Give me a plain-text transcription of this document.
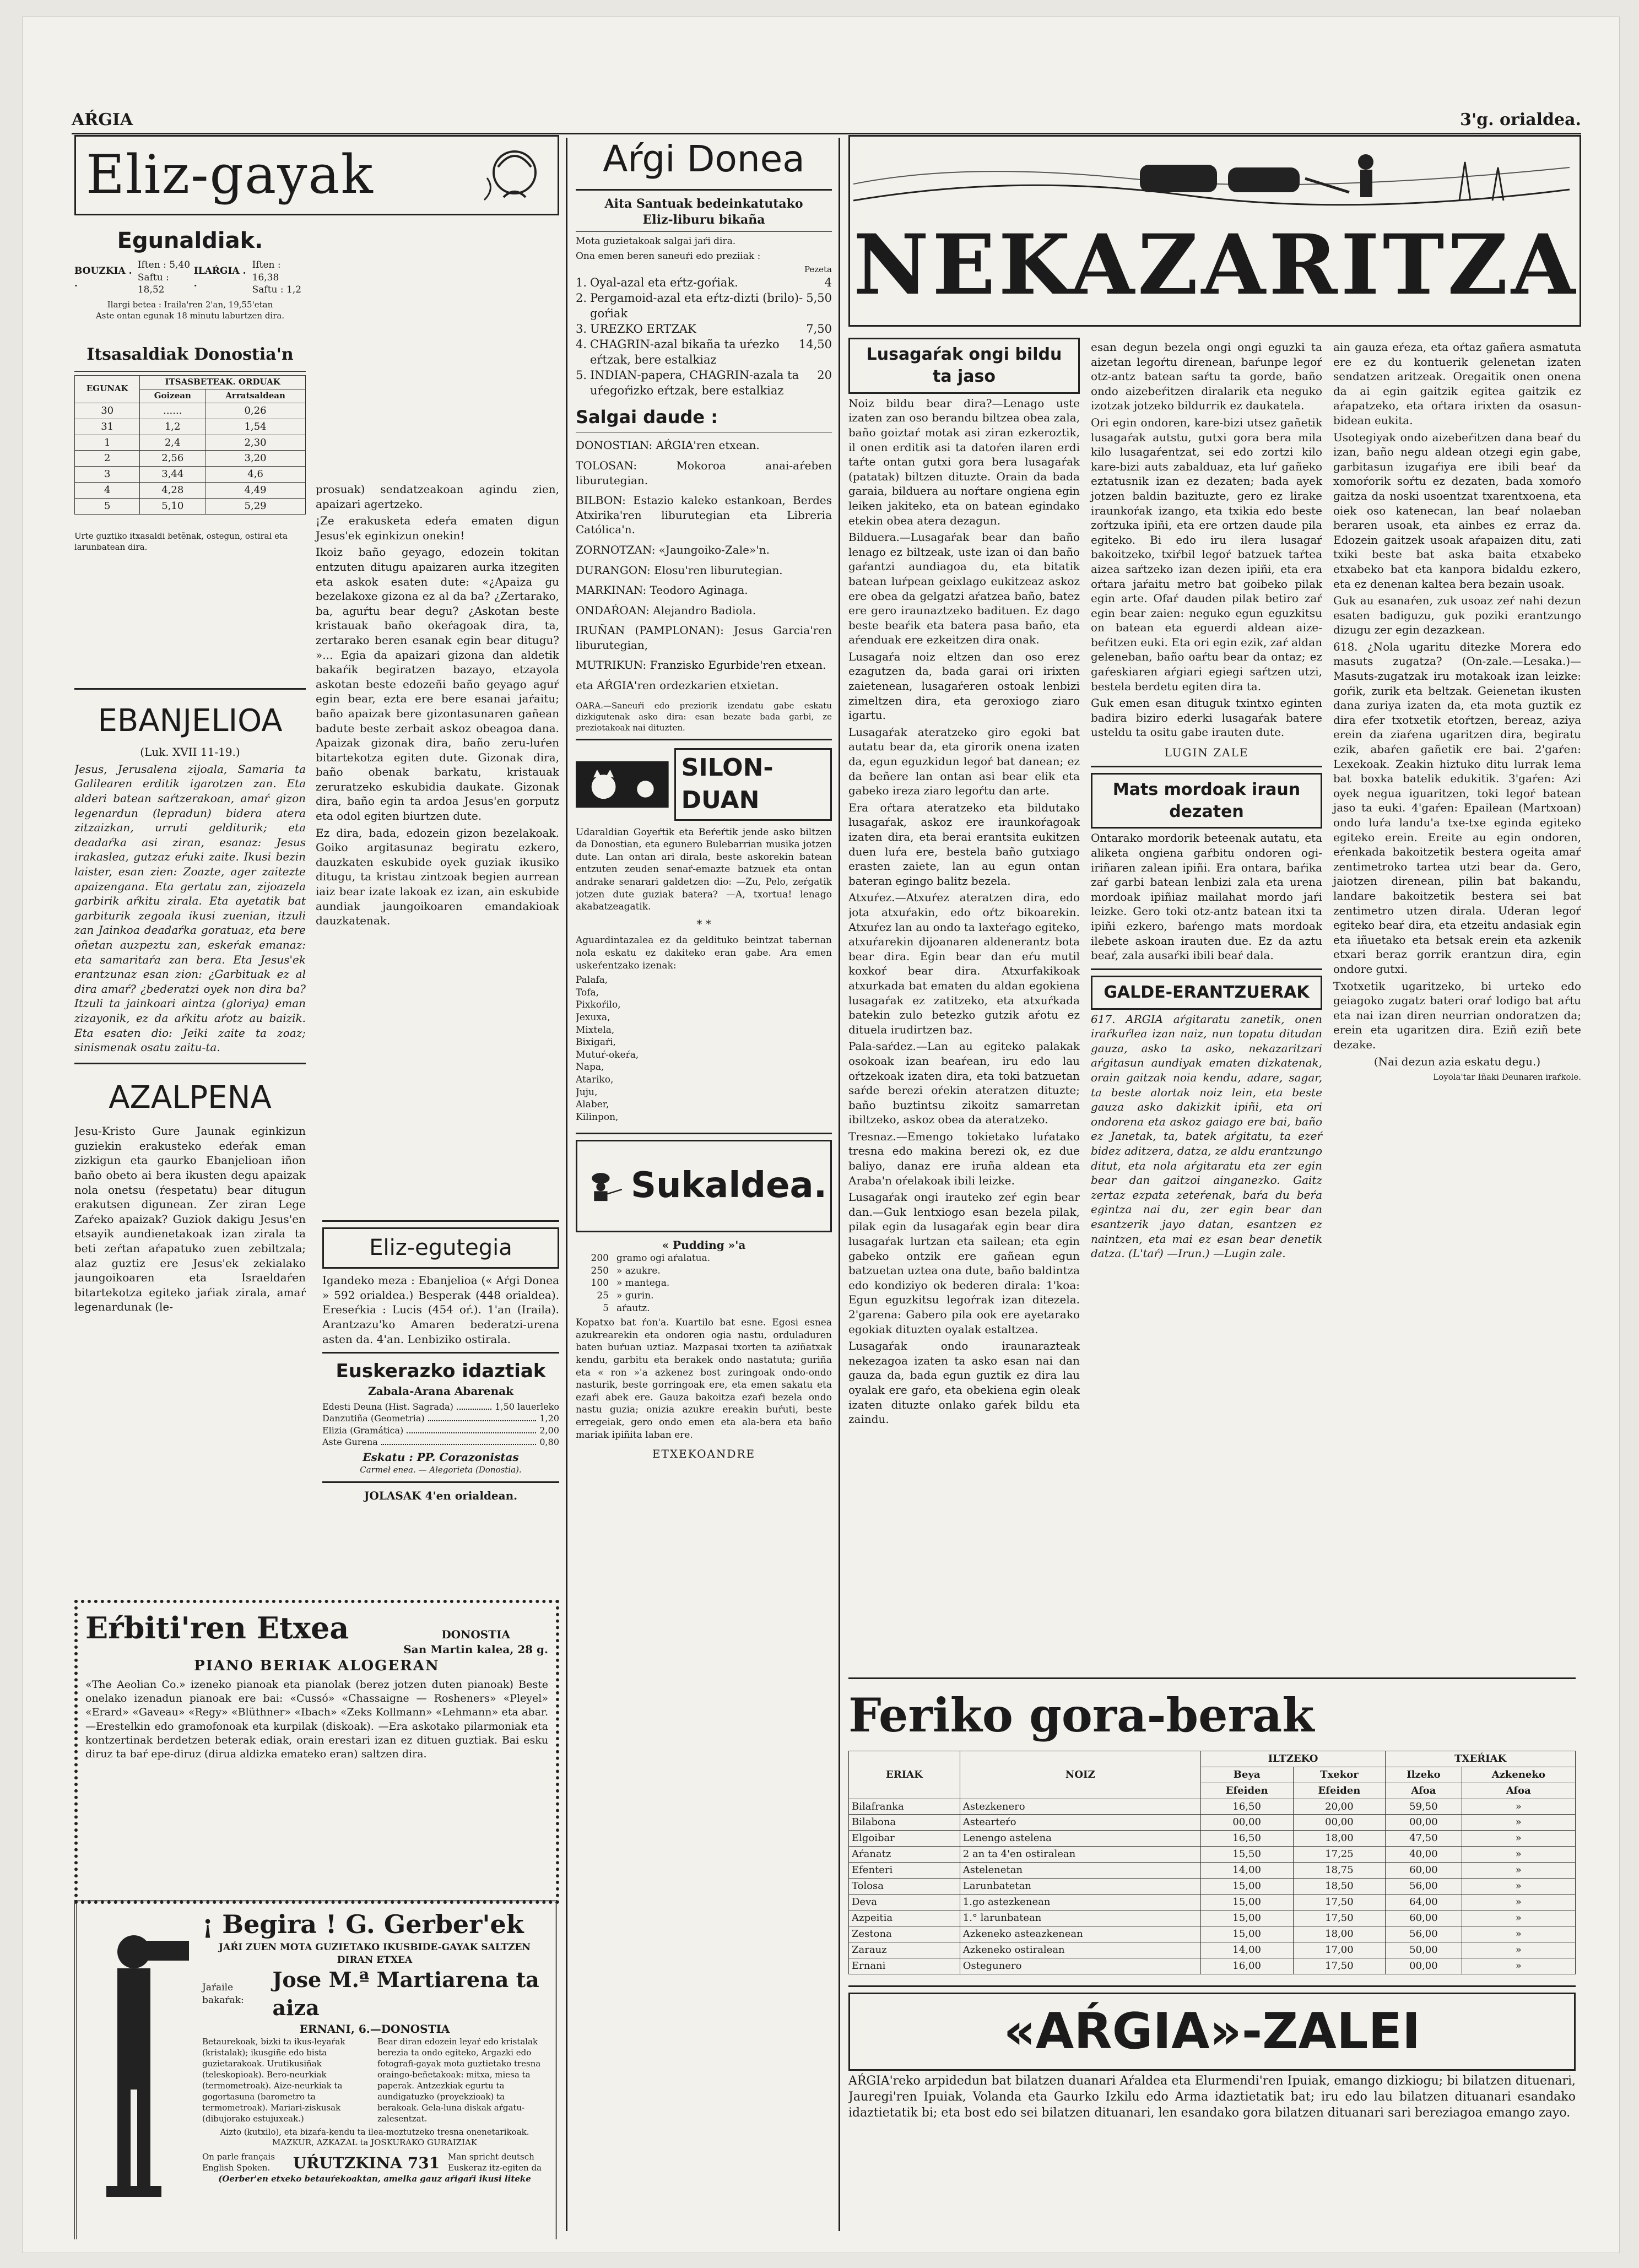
AŔGIA	3'g. orialdea.
Eliz-gayak
Egunaldiak.
BOUZKIA . .
Iften : 5,40
Saftu : 18,52
ILAŔGIA . .
Iften : 16,38
Saftu : 1,2
Ilargi betea : Iraila'ren 2'an, 19,55'etan
Aste ontan egunak 18 minutu laburtzen dira.
Itsasaldiak Donostia'n
EGUNAK	ITSASBETEAK. ORDUAK	
	Goizean	Arratsaldean
30	......	0,26
31	1,2	1,54
1	2,4	2,30
2	2,56	3,20
3	3,44	4,6
4	4,28	4,49
5	5,10	5,29
Urte guztiko itxasaldi betẽnak, ostegun, ostiral eta larunbatean dira.
prosuak) sendatzeakoan agindu zien, apaizari agertzeko.
¡Ze erakusketa edeŕa ematen digun Jesus'ek eginkizun onekin!
Ikoiz baño geyago, edozein tokitan entzuten ditugu apaizaren aurka itzegiten eta askok esaten dute: «¿Apaiza gu bezelakoxe gizona ez al da ba? ¿Zertarako, ba, aguŕtu bear degu? ¿Askotan beste kristauak baño okeŕagoak dira, ta, zertarako beren esanak egin bear ditugu? »... Egia da apaizari gizona dan aldetik bakaŕik begiratzen bazayo, etzayola askotan beste edozeñi baño geyago aguŕ egin bear, ezta ere bere esanai jaŕaitu; baño apaizak bere gizontasunaren gañean badute beste zerbait askoz obeagoa dana. Apaizak gizonak dira, baño zeru-luŕen bitartekotza egiten dute. Gizonak dira, baño obenak barkatu, kristauak zeruratzeko eskubidia daukate. Gizonak dira, baño egin ta ardoa Jesus'en gorputz eta odol egiten biurtzen dute.
Ez dira, bada, edozein gizon bezelakoak. Goiko argitasunaz begiratu ezkero, dauzkaten eskubide oyek guziak ikusiko ditugu, ta kristau zintzoak begien aurrean iaiz bear izate lakoak ez izan, ain eskubide aundiak jaungoikoaren emandakioak dauzkatenak.
EBANJELIOA
(Luk. XVII 11-19.)
Jesus, Jerusalena zijoala, Samaria ta Galilearen erditik igarotzen zan. Eta alderi batean saŕtzerakoan, amaŕ gizon legenardun (lepradun) bidera atera zitzaizkan, urruti gelditurik; eta deadaŕka asi ziran, esanaz: Jesus irakaslea, gutzaz eŕuki zaite. Ikusi bezin laister, esan zien: Zoazte, ager zaitezte apaizengana. Eta gertatu zan, zijoazela garbirik aŕkitu zirala. Eta ayetatik bat garbiturik zegoala ikusi zuenian, itzuli zan Jainkoa deadaŕka goratuaz, eta bere oñetan auzpeztu zan, eskeŕak emanaz: eta samaritaŕa zan bera. Eta Jesus'ek erantzunaz esan zion: ¿Garbituak ez al dira amaŕ? ¿bederatzi oyek non dira ba? Itzuli ta jainkoari aintza (gloriya) eman zizayonik, ez da aŕkitu aŕotz au baizik. Eta esaten dio: Jeiki zaite ta zoaz; sinismenak osatu zaitu-ta.
AZALPENA
Jesu-Kristo Gure Jaunak eginkizun guziekin erakusteko edeŕak eman zizkigun eta gaurko Ebanjelioan iñon baño obeto ai bera ikusten degu apaizak nola onetsu (ŕespetatu) bear ditugun erakutsen digunean. Zer ziran Lege Zaŕeko apaizak? Guziok dakigu Jesus'en etsayik aundienetakoak izan zirala ta beti zeŕtan aŕapatuko zuen zebiltzala; alaz guztiz ere Jesus'ek zekialako jaungoikoaren eta Israeldaŕen bitartekotza egiteko jaŕiak zirala, amaŕ legenardunak (le-
Eliz-egutegia
Igandeko meza : Ebanjelioa (« Aŕgi Donea » 592 orialdea.) Besperak (448 orialdea). Ereseŕkia : Lucis (454 oŕ.). 1'an (Iraila). Arantzazu'ko Amaren bederatzi-urena asten da. 4'an. Lenbiziko ostirala.
Euskerazko idaztiak
Zabala-Arana Abarenak
Edesti Deuna (Hist. Sagrada)	1,50 lauerleko
Danzutiña (Geometria)	1,20
Elizia (Gramática)	2,00
Aste Gurena	0,80
Eskatu : PP. Corazonistas
Carmeł enea. — Alegorieta (Donostia).
JOLASAK 4'en orialdean.
Eŕbiti'ren Etxea	DONOSTIA
San Martin kalea, 28 g.
PIANO BERIAK ALOGERAN
«The Aeolian Co.» izeneko pianoak eta pianolak (berez jotzen duten pianoak) Beste onelako izenadun pianoak ere bai: «Cussó» «Chassaigne — Rosheners» «Pleyel» «Erard» «Gaveau» «Regy» «Blüthner» «Ibach» «Zeks Kollmann» «Lehmann» eta abar. —Erestelkin edo gramofonoak eta kurpilak (diskoak). —Era askotako pilarmoniak eta kontzertinak berdetzen beterak ediak, orain erestari izan ez dituen guztiak. Bai esku diruz ta baŕ epe-diruz (dirua aldizka emateko eran) saltzen dira.
¡ Begira ! G. Gerber'ek
JAŔI ZUEN MOTA GUZIETAKO IKUSBIDE-GAYAK SALTZEN DIRAN ETXEA
Jaŕaile bakaŕak:
Jose M.ª Martiarena ta aiza
ERNANI, 6.—DONOSTIA
Betaurekoak, bizki ta ikus-leyaŕak (kristalak); ikusgiñe edo bista guzietarakoak. Urutikusiñak (teleskopioak). Bero-neurkiak (termometroak). Aize-neurkiak ta gogortasuna (barometro ta termometroak). Mariari-ziskusak (dibujorako estujuxeak.)
Bear diran edozein leyaŕ edo kristalak berezia ta ondo egiteko, Argazki edo fotografi-gayak mota guztietako tresna oraingo-beñetakoak: mitxa, miesa ta paperak. Antzezkiak egurtu ta aundigatuzko (proyekzioak) ta berakoak. Gela-luna diskak aŕgatu-zalesentzat.
Aizto (kutxilo), eta bizaŕa-kendu ta ilea-moztutzeko tresna onenetarikoak. MAZKUR, AZKAZAL ta JOSKURAKO GURAIZIAK
On parle français English Spoken.	UŔUTZKINA 731 Man spricht deutsch Euskeraz itz-egiten da
(Oerber'en etxeko betauŕekoaktan, amelka gauz aŕigaŕi ikusi liteke
Aŕgi Donea
Aita Santuak bedeinkatutako
Eliz-liburu bikaña
Mota guzietakoak salgai jaŕi dira.
Ona emen beren saneuŕi edo preziiak :
Pezeta
1. Oyal-azal eta eŕtz-goŕiak.	4
2. Pergamoid-azal eta eŕtz-dizti (brilo)-goŕiak
5,50
3. UREZKO ERTZAK	7,50
4. CHAGRIN-azal bikaña ta uŕezko eŕtzak, bere estalkiaz
14,50
5. INDIAN-papera, CHAGRIN-azala ta uŕegoŕizko eŕtzak, bere estalkiaz
20
Salgai daude :
DONOSTIAN: AŔGIA'ren etxean.
TOLOSAN: Mokoroa anai-aŕeben liburutegian.
BILBON: Estazio kaleko estankoan, Berdes Atxirika'ren liburutegian eta Libreria Católica'n.
ZORNOTZAN: «Jaungoiko-Zale»'n.
DURANGON: Elosu'ren liburutegian.
MARKINAN: Teodoro Aginaga.
ONDAŔOAN: Alejandro Badiola.
IRUÑAN (PAMPLONAN): Jesus Garcia'ren liburutegian,
MUTRIKUN: Franzisko Egurbide'ren etxean.
eta AŔGIA'ren ordezkarien etxietan.
OARA.—Saneuŕi edo preziorik izendatu gabe eskatu dizkigutenak asko dira: esan bezate bada garbi, ze preziotakoak nai dituzten.
SILON-DUAN
Udaraldian Goyeŕtik eta Beŕeŕtik jende asko biltzen da Donostian, eta egunero Bulebarrian musika jotzen dute. Lan ontan ari dirala, beste askorekin batean entzuten zeuden senaŕ-emazte batzuek eta ontan andrake senarari galdetzen dio: —Zu, Pelo, zeŕgatik jotzen dute guziak batera? —A, txortua! lenago akabatzeagatik.
* *
Aguardintazalea ez da geldituko beintzat tabernan nola eskatu ez dakiteko eran gabe. Ara emen uskeŕentzako izenak:
Palafa,
Tofa,
Pixkoŕilo,
Jexuxa,
Mixtela,
Bixigaŕi,
Mutuŕ-okeŕa,
Napa,
Atariko,
Juju,
Alaber,
Kilinpon,
Sukaldea.
« Pudding »'a
200 gramo ogi aŕalatua.
250 » azukre.
100 » mantega.
25 » gurin.
5 aŕautz.
Kopatxo bat ŕon'a. Kuartilo bat esne. Egosi esnea azukrearekin eta ondoren ogia nastu, orduladuren baten buŕuan uztiaz. Mazpasai txorten ta aziñatxak kendu, garbitu eta berakek ondo nastatuta; guriña eta « ron »'a azkenez bost zuringoak ondo-ondo nasturik, beste gorringoak ere, eta emen sakatu eta ezaŕi abek ere. Gauza bakoitza ezaŕi bezela ondo nastu guzia; onizia azukre ereakin buŕuti, beste erregeiak, gero ondo emen eta ala-bera eta baño mariak ipiñita laban ere.
ETXEKOANDRE
NEKAZARITZA
Lusagaŕak ongi bildu ta jaso
Noiz bildu bear dira?—Lenago uste izaten zan oso berandu biltzea obea zala, baño goiztaŕ motak asi ziran ezkeroztik, il onen erditik asi ta datoŕen ilaren erdi taŕte ontan gutxi gora bera lusagaŕak (patatak) biltzen dituzte. Orain da bada garaia, bilduera au noŕtare ongiena egin leiken jakiteko, eta on batean egindako etekin obea atera dezagun.
Bilduera.—Lusagaŕak bear dan baño lenago ez biltzeak, uste izan oi dan baño gaŕantzi aundiagoa du, eta bitatik batean luŕpean geixlago eukitzeaz askoz ere obea da gelgatzi aŕatzea baño, batez ere gero iraunaztzeko badituen. Ez dago beste beaŕik eta batera pasa baño, eta aŕenduak ere ezkeitzen dira onak.
Lusagaŕa noiz eltzen dan oso erez ezagutzen da, bada garai ori irixten zaietenean, lusagaŕeren ostoak lenbizi zimeltzen dira, eta geroxiogo ziaro igartu.
Lusagaŕak ateratzeko giro egoki bat autatu bear da, eta girorik onena izaten da, egun eguzkidun legoŕ bat danean; ez da beñere lan ontan asi bear elik eta gabeko ireza ziaro legoŕtu dan arte.
Era oŕtara ateratzeko eta bildutako lusagaŕak, askoz ere iraunkoŕagoak izaten dira, eta berai erantsita eukitzen duen luŕa ere, bestela baño gutxiago erasten zaiete, lan au egun ontan bateran egingo balitz bezela.
Atxuŕez.—Atxuŕez ateratzen dira, edo jota atxuŕakin, edo oŕtz bikoarekin. Atxuŕez lan au ondo ta laxteŕago egiteko, atxuŕarekin dijoanaren aldenerantz bota bear dira. Egin bear dan eŕu mutil koxkoŕ bear dira. Atxurfakikoak atxurkada bat ematen du aldan egokiena lusagaŕak ez zatitzeko, eta atxuŕkada batekin zulo betezko gutzik aŕotu ez dituela irudirtzen baz.
Pala-saŕdez.—Lan au egiteko palakak osokoak izan beaŕean, iru edo lau oŕtzekoak izaten dira, eta toki batzuetan saŕde berezi oŕekin ateratzen dituzte; baño buztintsu zikoitz samarretan ibiltzeko, askoz obea da ateratzeko.
Tresnaz.—Emengo tokietako luŕatako tresna edo makina berezi ok, ez due baliyo, danaz ere iruña aldean eta Araba'n oŕelakoak ibili leizke.
Lusagaŕak ongi irauteko zeŕ egin bear dan.—Guk lentxiogo esan bezela pilak, pilak egin da lusagaŕak egin bear dira lusagaŕak lurtzan eta sailean; eta egin gabeko ontzik ere gañean egun batzuetan uztea ona dute, baño baldintza edo kondiziyo ok bederen dirala: 1'koa: Egun eguzkitsu legoŕrak izan ditezela. 2'garena: Gabero pila ook ere ayetarako egokiak dituzten oyalak estaltzea.
Lusagaŕak ondo iraunarazteak nekezagoa izaten ta asko esan nai dan gauza da, bada egun guztik ez dira lau oyalak ere gaŕo, eta obekiena egin oleak izaten dituzte onlako gaŕek bildu eta zaindu.
esan degun bezela ongi ongi eguzki ta aizetan legoŕtu direnean, baŕunpe legoŕ otz-antz batean saŕtu ta gorde, baño ondo aizebeŕitzen diralarik eta neguko izotzak jotzeko bildurrik ez daukatela.
Ori egin ondoren, kare-bizi utsez gañetik lusagaŕak autstu, gutxi gora bera mila kilo lusagaŕentzat, sei edo zortzi kilo kare-bizi auts zabalduaz, eta luŕ gañeko eztatusnik izan ez dezaten; bada ayek jotzen baldin bazituzte, gero ez lirake iraunkoŕak izango, eta txikia edo beste zoŕtzuka ipiñi, eta ere ortzen daude pila egiteko. Bi edo iru ilera lusagaŕ bakoitzeko, txiŕbil legoŕ batzuek taŕtea aizea saŕtzeko izan dezen ipiñi, eta era oŕtara jaŕaitu metro bat goibeko pilak egin arte. Ofaŕ dauden pilak betiro zaŕ egin bear zaien: neguko egun eguzkitsu on batean eta eguerdi aldean aize-beŕitzen euki. Eta ori egin ezik, zaŕ aldan geleneban, baño oaŕtu bear da ontaz; ez gaŕeskiaren aŕgiari egiegi saŕtzen utzi, bestela berdetu egiten dira ta.
Guk emen esan dituguk txintxo eginten badira biziro ederki lusagaŕak batere usteldu ta ositu gabe irauten dute.
LUGIN ZALE
Mats mordoak iraun dezaten
Ontarako mordorik beteenak autatu, eta aliketa ongiena gaŕbitu ondoren ogi-iriñaren zalean ipiñi. Era ontara, baŕika zaŕ garbi batean lenbizi zala eta urena mordoak ipiñiaz mailahat mordo jaŕi leizke. Gero toki otz-antz batean itxi ta ipiñi ezkero, baŕengo mats mordoak ilebete askoan irauten due. Ez da aztu beaŕ, zala ausaŕki ibili beaŕ dala.
GALDE-ERANTZUERAK
617. ARGIA aŕgitaratu zanetik, onen iraŕkuŕlea izan naiz, nun topatu ditudan gauza, asko ta asko, nekazaritzari aŕgitasun aundiyak ematen dizkatenak, orain gaitzak noia kendu, adare, sagar, ta beste alortak noiz lein, eta beste gauza asko dakizkit ipiñi, eta ori ondorena eta askoz gaiago ere bai, baño ez Janetak, ta, batek aŕgitatu, ta ezeŕ bidez aditzera, datza, ze aldu erantzungo ditut, eta nola aŕgitaratu eta zer egin bear dan gaitzoi ainganezko. Gaitz zertaz ezpata zeteŕenak, baŕa du beŕa egintza nai du, zer egin bear dan esantzerik jayo datan, esantzen ez naintzen, eta mai ez esan bear denetik datza. (L'taŕ) —Irun.) —Lugin zale.
ain gauza eŕeza, eta oŕtaz gañera asmatuta ere ez du kontuerik gelenetan izaten sendatzen aritzeak. Oregaitik onen onena da ai egin gaitzik egitea gaitzik ez aŕapatzeko, eta oŕtara irixten da osasun-bidean eukita.
Usotegiyak ondo aizebeŕitzen dana beaŕ du izan, baño negu aldean otzegi egin gabe, garbitasun izugaŕiya ere ibili beaŕ da xomoŕorik soŕtu ez dezaten, bada xomoŕo gaitza da noski usoentzat txarentxoena, eta oiek oso katenecan, lan beaŕ nolaeban beraren usoak, eta ainbes ez erraz da. Edozein gaitzek usoak aŕapaizen ditu, zati txiki beste bat aska baita etxabeko etxabeko bat eta kanpora bidaldu ezkero, eta ez denenan kaltea bera bezain usoak.
Guk au esanaŕen, zuk usoaz zeŕ nahi dezun esaten badiguzu, guk poziki erantzungo dizugu zer egin dezazkean.
618. ¿Nola ugaritu ditezke Morera edo masuts zugatza? (On-zale.—Lesaka.)—Masuts-zugatzak iru motakoak izan leizke: goŕik, zurik eta beltzak. Geienetan ikusten dana zuriya izaten da, eta mota guztik ez dira efer txotxetik etoŕtzen, bereaz, aziya erein da ziaŕena ugaritzen dira, begiratu ezik, abaŕen gañetik ere bai. 2'gaŕen: Lexekoak. Zeakin hiztuko ditu lurrak lema bat boxka batelik edukitik. 3'gaŕen: Azi oyek negua iguaritzen, toki legoŕ batean jaso ta euki. 4'gaŕen: Epailean (Martxoan) ondo luŕa landu'a txe-txe eginda egiteko egiteko erein. Ereite au egin ondoren, eŕenkada bakoitzetik bestera ogeita amaŕ zentimetroko tartea utzi bear da. Gero, jaiotzen direnean, pilin bat bakandu, landare bakoitzetik bestera sei bat zentimetro utzen dirala. Uderan legoŕ egiteko beaŕ dira, eta etzeitu andasiak egin eta iñuetako eta betsak erein eta azkenik etxari beraz gorrik erantzun dira, egin ondore gutxi.
Txotxetik ugaritzeko, bi urteko edo geiagoko zugatz bateri oraŕ lodigo bat aŕtu eta nai izan diren neurrian ondoratzen da; erein eta ugaritzen dira. Eziñ eziñ bete dezake.
(Nai dezun azia eskatu degu.)
Loyola'tar Iñaki Deunaren iraŕkole.
Feriko gora-berak
ERIAK	NOIZ	ILTZEKO		TXEŔIAK	
		Beya	Txekor	Ilzeko	Azkeneko
		Efeiden	Efeiden	Afoa	Afoa
Bilafranka	Astezkenero	16,50	20,00	59,50	»
Bilabona	Astearteŕo	00,00	00,00	00,00	»
Elgoibar	Lenengo astelena	16,50	18,00	47,50	»
Aŕanatz	2 an ta 4'en ostiralean	15,50	17,25	40,00	»
Efenteri	Astelenetan	14,00	18,75	60,00	»
Tolosa	Larunbatetan	15,00	18,50	56,00	»
Deva	1.go astezkenean	15,00	17,50	64,00	»
Azpeitia	1.° larunbatean	15,00	17,50	60,00	»
Zestona	Azkeneko asteazkenean	15,00	18,00	56,00	»
Zarauz	Azkeneko ostiralean	14,00	17,00	50,00	»
Ernani	Ostegunero	16,00	17,50	00,00	»
«AŔGIA»-ZALEI
AŔGIA'reko arpidedun bat bilatzen duanari Aŕaldea eta Elurmendi'ren Ipuiak, emango dizkiogu; bi bilatzen dituenari, Jauregi'ren Ipuiak, Volanda eta Gaurko Izkilu edo Arma idaztietatik bat; iru edo lau bilatzen dituanari esandako idaztietatik bi; eta bost edo sei bilatzen dituanari, len esandako gora bilatzen dituanari sari bereziagoa emango zayo.
